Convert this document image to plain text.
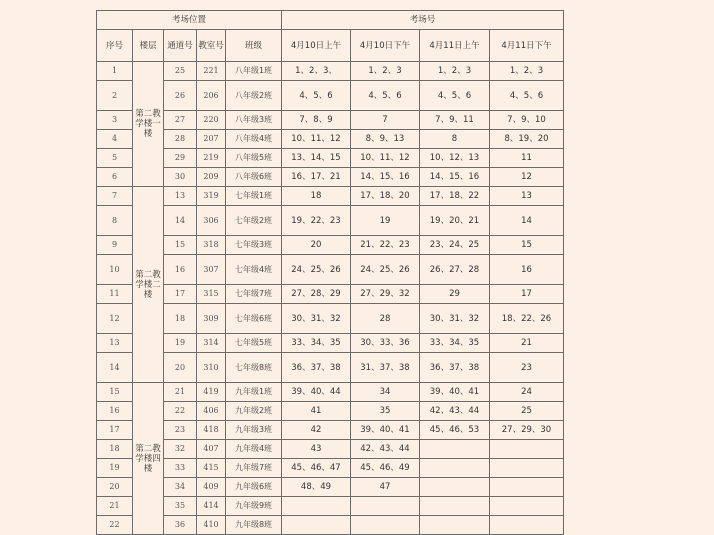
考场位置					考场号			
序号	楼层	通道号	教室号	班级	4月10日上午	4月10日下午	4月11日上午	4月11日下午
1	第二教学楼一楼	25	221	八年级1班	1、2、3、	1、2、3	1、2、3	1、2、3
2		26	206	八年级2班	4、5、6	4、5、6	4、5、6	4、5、6
3		27	220	八年级3班	7、8、9	7	7、9、11	7、9、10
4		28	207	八年级4班	10、11、12	8、9、13	8	8、19、20
5		29	219	八年级5班	13、14、15	10、11、12	10、12、13	11
6		30	209	八年级6班	16、17、21	14、15、16	14、15、16	12
7	第二教学楼二楼	13	319	七年级1班	18	17、18、20	17、18、22	13
8		14	306	七年级2班	19、22、23	19	19、20、21	14
9		15	318	七年级3班	20	21、22、23	23、24、25	15
10		16	307	七年级4班	24、25、26	24、25、26	26、27、28	16
11		17	315	七年级7班	27、28、29	27、29、32	29	17
12		18	309	七年级6班	30、31、32	28	30、31、32	18、22、26
13		19	314	七年级5班	33、34、35	30、33、36	33、34、35	21
14		20	310	七年级8班	36、37、38	31、37、38	36、37、38	23
15	第二教学楼四楼	21	419	九年级1班	39、40、44	34	39、40、41	24
16		22	406	九年级2班	41	35	42、43、44	25
17		23	418	九年级3班	42	39、40、41	45、46、53	27、29、30
18		32	407	九年级4班	43	42、43、44		
19		33	415	九年级7班	45、46、47	45、46、49		
20		34	409	九年级6班	48、49	47		
21		35	414	九年级9班				
22		36	410	九年级8班				
